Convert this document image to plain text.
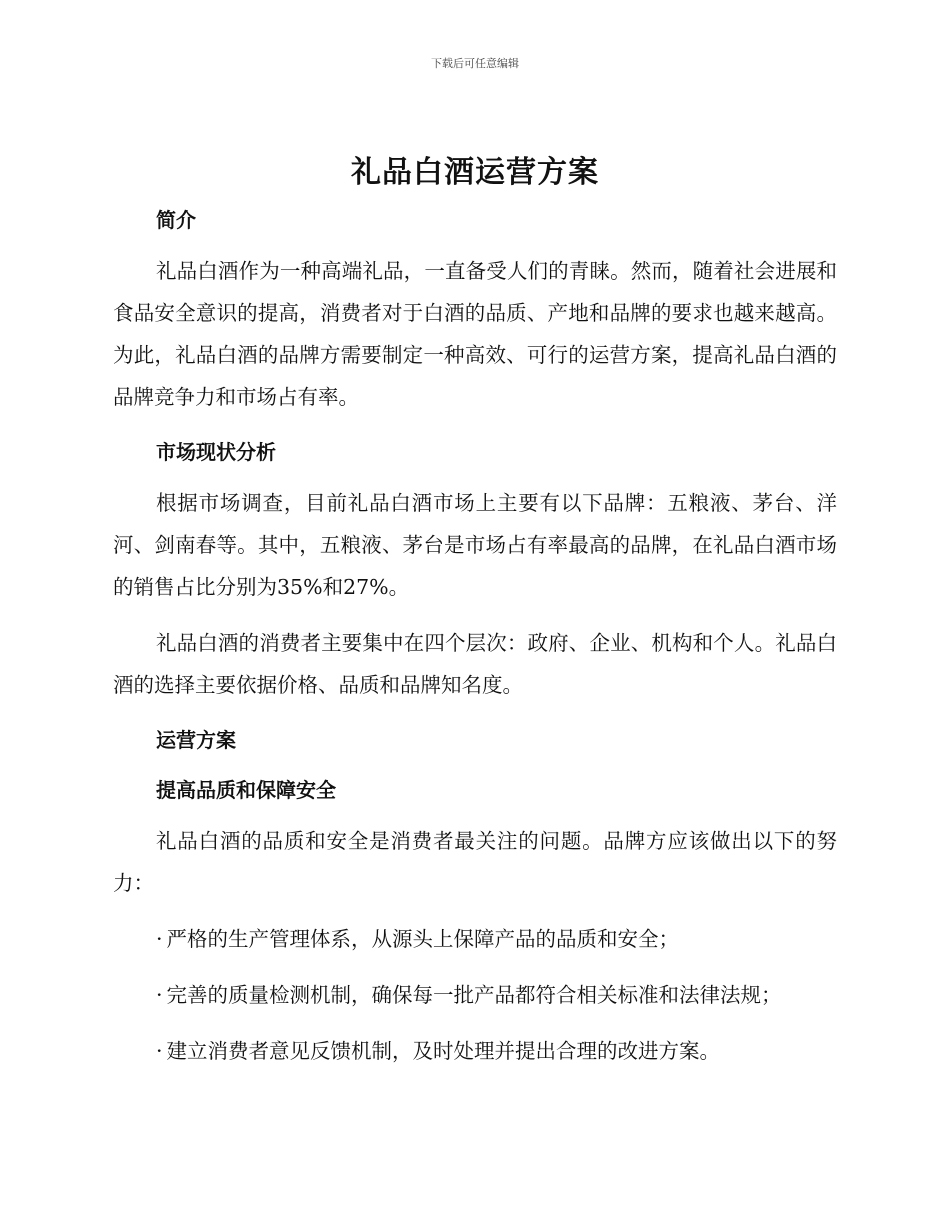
下载后可任意编辑
礼品白酒运营方案
简介

礼品白酒作为一种高端礼品，一直备受人们的青睐。然而，随着社会进展和食品安全意识的提高，消费者对于白酒的品质、产地和品牌的要求也越来越高。为此，礼品白酒的品牌方需要制定一种高效、可行的运营方案，提高礼品白酒的品牌竞争力和市场占有率。

市场现状分析

根据市场调查，目前礼品白酒市场上主要有以下品牌：五粮液、茅台、洋河、剑南春等。其中，五粮液、茅台是市场占有率最高的品牌，在礼品白酒市场的销售占比分别为35%和27%。

礼品白酒的消费者主要集中在四个层次：政府、企业、机构和个人。礼品白酒的选择主要依据价格、品质和品牌知名度。

运营方案
提高品质和保障安全

礼品白酒的品质和安全是消费者最关注的问题。品牌方应该做出以下的努力：

· 严格的生产管理体系，从源头上保障产品的品质和安全；
· 完善的质量检测机制，确保每一批产品都符合相关标准和法律法规；
· 建立消费者意见反馈机制，及时处理并提出合理的改进方案。
